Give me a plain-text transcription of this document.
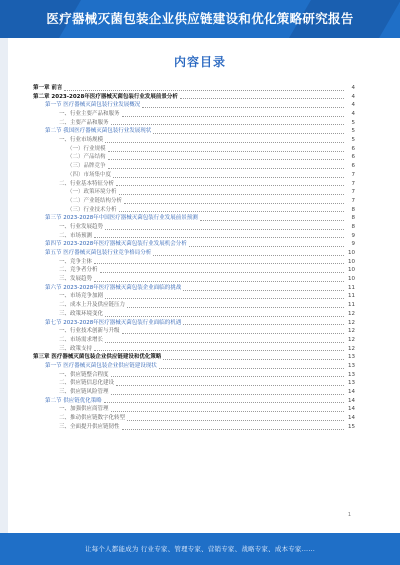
医疗器械灭菌包装企业供应链建设和优化策略研究报告
内容目录
第一章 前言	4
第二章 2023-2028年医疗器械灭菌包装行业发展前景分析	4
第一节 医疗器械灭菌包装行业发展概况	4
一、行业主要产品和服务	4
二、主要产品和服务	5
第二节 我国医疗器械灭菌包装行业发展现状	5
一、行业市场规模	5
（一）行业规模	6
（二）产品结构	6
（三）品牌竞争	6
（四）市场集中度	7
二、行业基本特征分析	7
（一）政策环境分析	7
（二）产业链结构分析	7
（三）行业技术分析	8
第三节 2023-2028年中国医疗器械灭菌包装行业发展前景预测	8
一、行业发展趋势	8
二、市场预测	9
第四节 2023-2028年医疗器械灭菌包装行业发展机会分析	9
第五节 医疗器械灭菌包装行业竞争格局分析	10
一、竞争主体	10
二、竞争者分析	10
三、发展趋势	10
第六节 2023-2028年医疗器械灭菌包装企业面临的挑战	11
一、市场竞争加剧	11
二、成本上升及供应链压力	11
三、政策环境变化	12
第七节 2023-2028年医疗器械灭菌包装行业面临的机遇	12
一、行业技术创新与升级	12
二、市场需求增长	12
三、政策支持	12
第三章 医疗器械灭菌包装企业供应链建设和优化策略	13
第一节 医疗器械灭菌包装企业供应链建设现状	13
一、供应链整合程度	13
二、供应链信息化建设	13
三、供应链风险管理	14
第二节 供应链优化策略	14
一、加强供应商管理	14
二、推动供应链数字化转型	14
三、全面提升供应链韧性	15
1
让每个人都能成为 行业专家、管理专家、营销专家、战略专家、成本专家……
